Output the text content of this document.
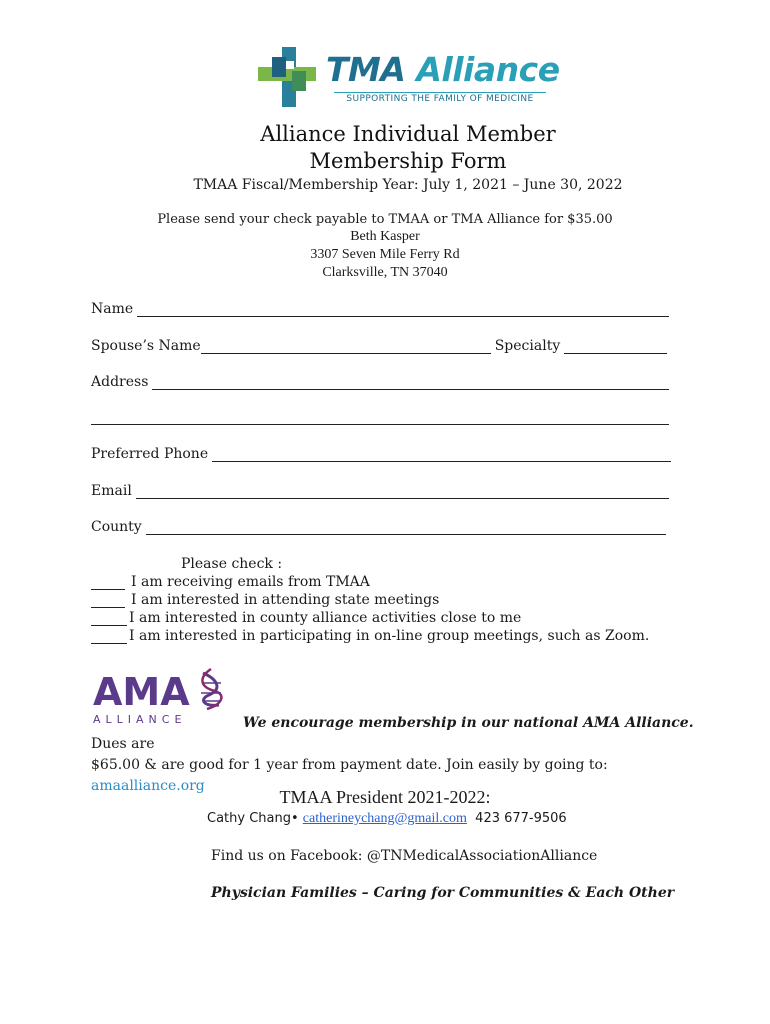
TMA Alliance
SUPPORTING THE FAMILY OF MEDICINE
Alliance Individual Member
Membership Form
TMAA Fiscal/Membership Year: July 1, 2021 – June 30, 2022
Please send your check payable to TMAA or TMA Alliance for $35.00
Beth Kasper
3307 Seven Mile Ferry Rd
Clarksville, TN 37040
Name
Spouse’s Name	Specialty
Address
Preferred Phone
Email
County
Please check :
I am receiving emails from TMAA
I am interested in attending state meetings
I am interested in county alliance activities close to me
I am interested in participating in on-line group meetings, such as Zoom.
AMA
ALLIANCE	We encourage membership in our national AMA Alliance.  Dues are
$65.00 & are good for 1 year from payment date. Join easily by going to:  amaalliance.org
TMAA President 2021-2022:
Cathy Chang• catherineychang@gmail.com 423 677-9506
Find us on Facebook: @TNMedicalAssociationAlliance
Physician Families – Caring for Communities & Each Other
